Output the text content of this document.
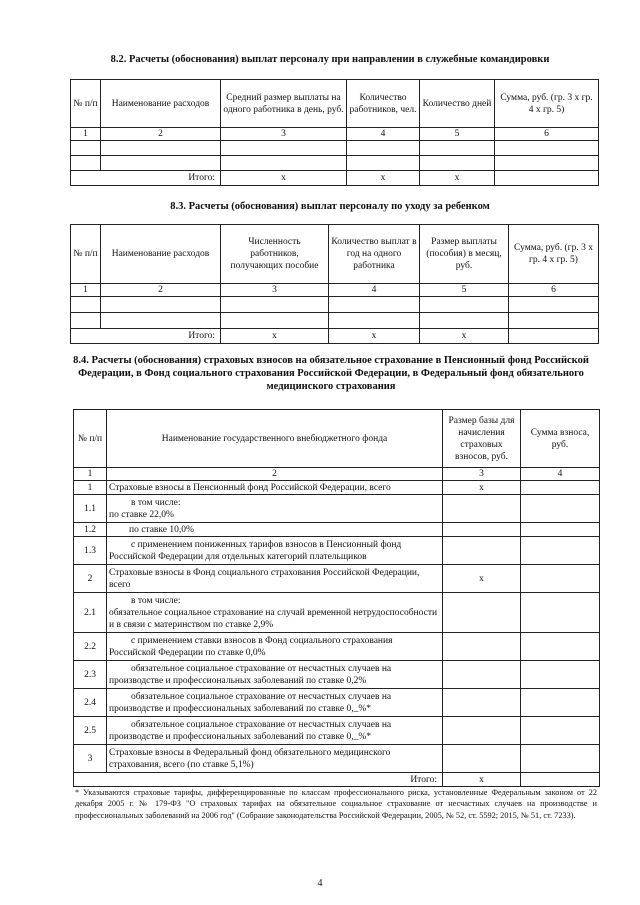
8.2. Расчеты (обоснования) выплат персоналу при направлении в служебные командировки

№ п/п	Наименование расходов	Средний размер выплаты на одного работника в день, руб.	Количество работников, чел.	Количество дней	Сумма, руб. (гр. 3 x гр. 4 x гр. 5)
1	2	3	4	5	6

Итого:		x	x	x	

8.3. Расчеты (обоснования) выплат персоналу по уходу за ребенком

№ п/п	Наименование расходов	Численность работников, получающих пособие	Количество выплат в год на одного работника	Размер выплаты (пособия) в месяц, руб.	Сумма, руб. (гр. 3 x гр. 4 x гр. 5)
1	2	3	4	5	6

Итого:		x	x	x	

8.4. Расчеты (обоснования) страховых взносов на обязательное страхование в Пенсионный фонд Российской Федерации, в Фонд социального страхования Российской Федерации, в Федеральный фонд обязательного медицинского страхования

№ п/п	Наименование государственного внебюджетного фонда	Размер базы для начисления страховых взносов, руб.	Сумма взноса, руб.
1	2	3	4
1	Страховые взносы в Пенсионный фонд Российской Федерации, всего	x	
1.1	в том числе:
по ставке 22,0%		

1.2	по ставке 10,0%		
1.3	с применением пониженных тарифов взносов в Пенсионный фонд
Российской Федерации для отдельных категорий плательщиков		

2	Страховые взносы в Фонд социального страхования Российской Федерации, всего	x	
2.1	в том числе:
обязательное социальное страхование на случай временной нетрудоспособности и в связи с материнством по ставке 2,9%		

2.2	с применением ставки взносов в Фонд социального страхования
Российской Федерации по ставке 0,0%		

2.3	обязательное социальное страхование от несчастных случаев на
производстве и профессиональных заболеваний по ставке 0,2%		

2.4	обязательное социальное страхование от несчастных случаев на
производстве и профессиональных заболеваний по ставке 0,_%*		

2.5	обязательное социальное страхование от несчастных случаев на
производстве и профессиональных заболеваний по ставке 0,_%*		

3	Страховые взносы в Федеральный фонд обязательного медицинского страхования, всего (по ставке 5,1%)		
Итого:		x	

* Указываются страховые тарифы, дифференцированные по классам профессионального риска, установленные Федеральным законом от 22 декабря 2005 г. № 179-ФЗ "О страховых тарифах на обязательное социальное страхование от несчастных случаев на производстве и профессиональных заболеваний на 2006 год" (Собрание законодательства Российской Федерации, 2005, № 52, ст. 5592; 2015, № 51, ст. 7233).

4
